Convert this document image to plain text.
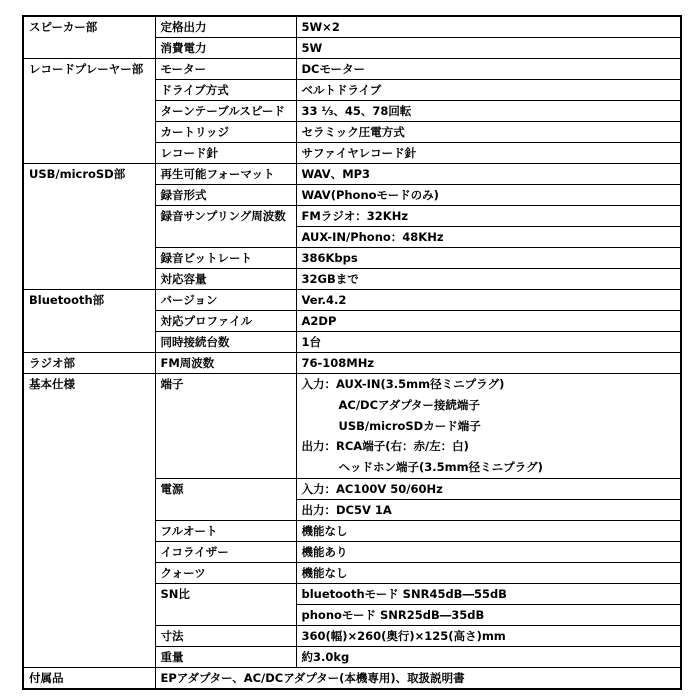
スピーカー部	定格出力	5W×2
	消費電力	5W
レコードプレーヤー部	モーター	DCモーター
	ドライブ方式	ベルトドライブ
	ターンテーブルスピード	33 ⅓、45、78回転
	カートリッジ	セラミック圧電方式
	レコード針	サファイヤレコード針
USB/microSD部	再生可能フォーマット	WAV、MP3
	録音形式	WAV(Phonoモードのみ)
	録音サンプリング周波数	FMラジオ：32KHz
		AUX-IN/Phono：48KHz
	録音ビットレート	386Kbps
	対応容量	32GBまで
Bluetooth部	バージョン	Ver.4.2
	対応プロファイル	A2DP
	同時接続台数	1台
ラジオ部	FM周波数	76-108MHz
基本仕様	端子	入力：AUX-IN(3.5mm径ミニプラグ)
AC/DCアダプター接続端子
USB/microSDカード端子
出力：RCA端子(右：赤/左：白)
ヘッドホン端子(3.5mm径ミニプラグ)

	電源	入力：AC100V 50/60Hz
		出力：DC5V 1A
	フルオート	機能なし
	イコライザー	機能あり
	クォーツ	機能なし
	SN比	bluetoothモード SNR45dB―55dB
		phonoモード SNR25dB―35dB
	寸法	360(幅)×260(奥行)×125(高さ)mm
	重量	約3.0kg
付属品	EPアダプター、AC/DCアダプター(本機専用)、取扱説明書	
